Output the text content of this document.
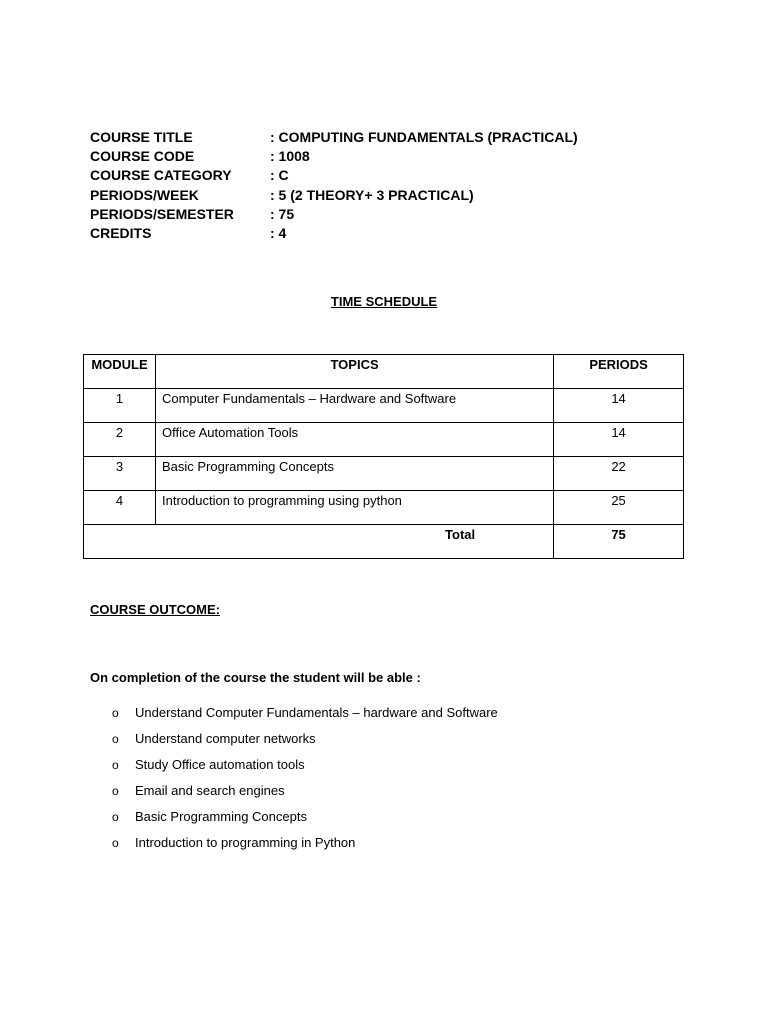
COURSE TITLE	: COMPUTING FUNDAMENTALS (PRACTICAL)
COURSE CODE	: 1008
COURSE CATEGORY	: C
PERIODS/WEEK	: 5 (2 THEORY+ 3 PRACTICAL)
PERIODS/SEMESTER	: 75
CREDITS	: 4
TIME SCHEDULE
MODULE	TOPICS	PERIODS
1	Computer Fundamentals – Hardware and Software	14
2	Office Automation Tools	14
3	Basic Programming Concepts	22
4	Introduction to programming using python	25
Total		75
COURSE OUTCOME:
On completion of the course the student will be able :
o Understand Computer Fundamentals – hardware and Software
o Understand computer networks
o Study Office automation tools
o Email and search engines
o Basic Programming Concepts
o Introduction to programming in Python
